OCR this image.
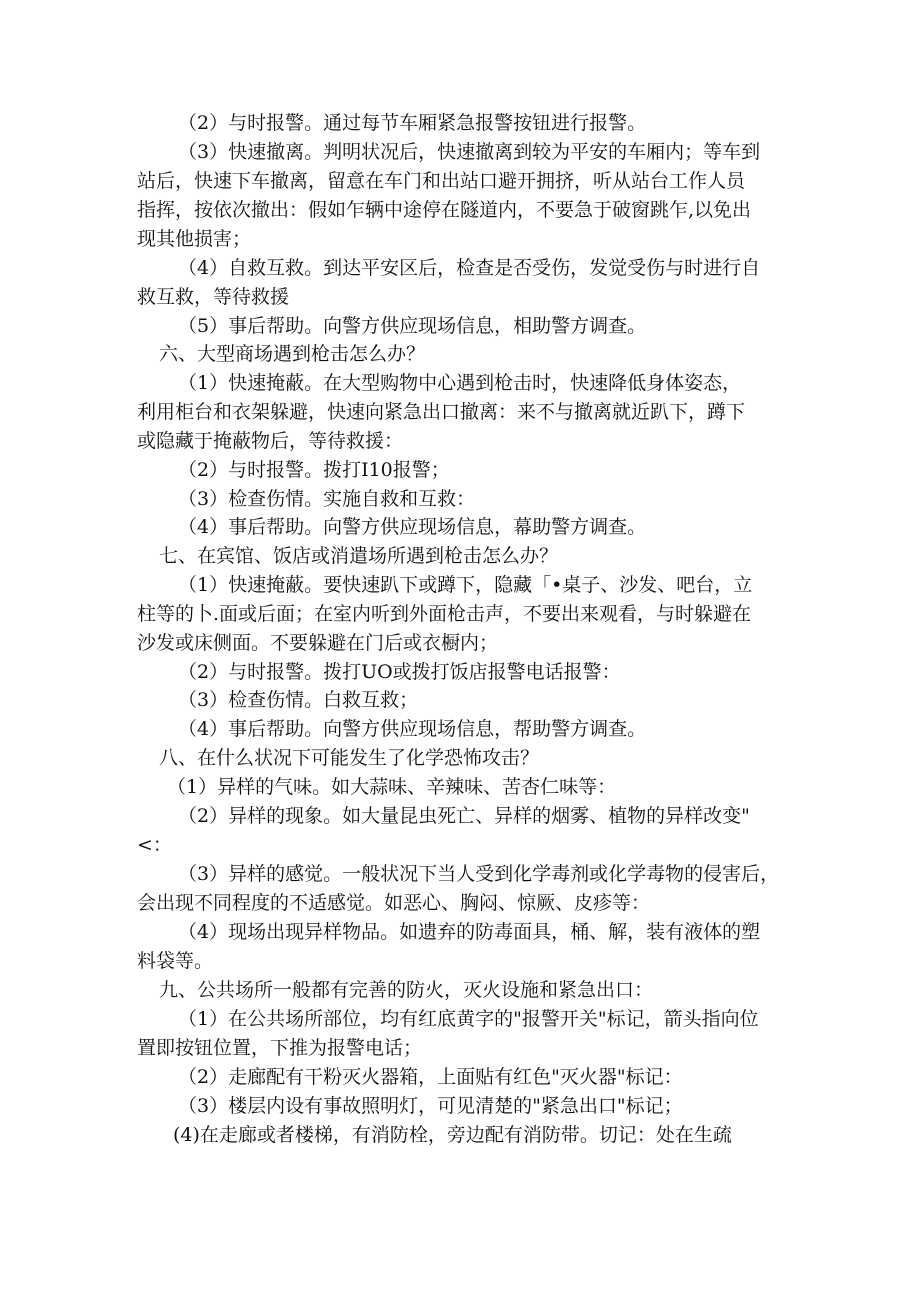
（2）与时报警。通过每节车厢紧急报警按钮进行报警。

（3）快速撤离。判明状况后，快速撤离到较为平安的车厢内；等车到

站后，快速下车撤离，留意在车门和出站口避开拥挤，听从站台工作人员

指挥，按依次撤出：假如乍辆中途停在隧道内，不要急于破窗跳乍,以免出

现其他损害；

（4）自救互救。到达平安区后，检查是否受伤，发觉受伤与时进行自

救互救，等待救援

（5）事后帮助。向警方供应现场信息，相助警方调查。

六、大型商场遇到枪击怎么办？

（1）快速掩蔽。在大型购物中心遇到枪击时，快速降低身体姿态，

利用柜台和衣架躲避，快速向紧急出口撤离：来不与撤离就近趴下，蹲下

或隐藏于掩蔽物后，等待救援：

（2）与时报警。拨打I10报警；

（3）检查伤情。实施自救和互救：

（4）事后帮助。向警方供应现场信息，幕助警方调查。

七、在宾馆、饭店或消遣场所遇到枪击怎么办？

（1）快速掩蔽。要快速趴下或蹲下，隐藏「•桌子、沙发、吧台，立

柱等的卜.面或后面；在室内听到外面枪击声，不要出来观看，与时躲避在

沙发或床侧面。不要躲避在门后或衣橱内；

（2）与时报警。拨打UO或拨打饭店报警电话报警：

（3）检查伤情。白救互救；

（4）事后帮助。向警方供应现场信息，帮助警方调查。

八、在什么状况下可能发生了化学恐怖攻击？

（1）异样的气味。如大蒜味、辛辣味、苦杏仁味等：

（2）异样的现象。如大量昆虫死亡、异样的烟雾、植物的异样改变"

<：

（3）异样的感觉。一般状况下当人受到化学毒剂或化学毒物的侵害后，

会出现不同程度的不适感觉。如恶心、胸闷、惊厥、皮疹等：

（4）现场出现异样物品。如遗弃的防毒面具，桶、解，装有液体的塑

料袋等。

九、公共场所一般都有完善的防火，灭火设施和紧急出口：

（1）在公共场所部位，均有红底黄字的"报警开关"标记，箭头指向位

置即按钮位置，下推为报警电话；

（2）走廊配有干粉灭火器箱，上面贴有红色"灭火器"标记：

（3）楼层内设有事故照明灯，可见清楚的"紧急出口"标记；

(4)在走廊或者楼梯，有消防栓，旁边配有消防带。切记：处在生疏
